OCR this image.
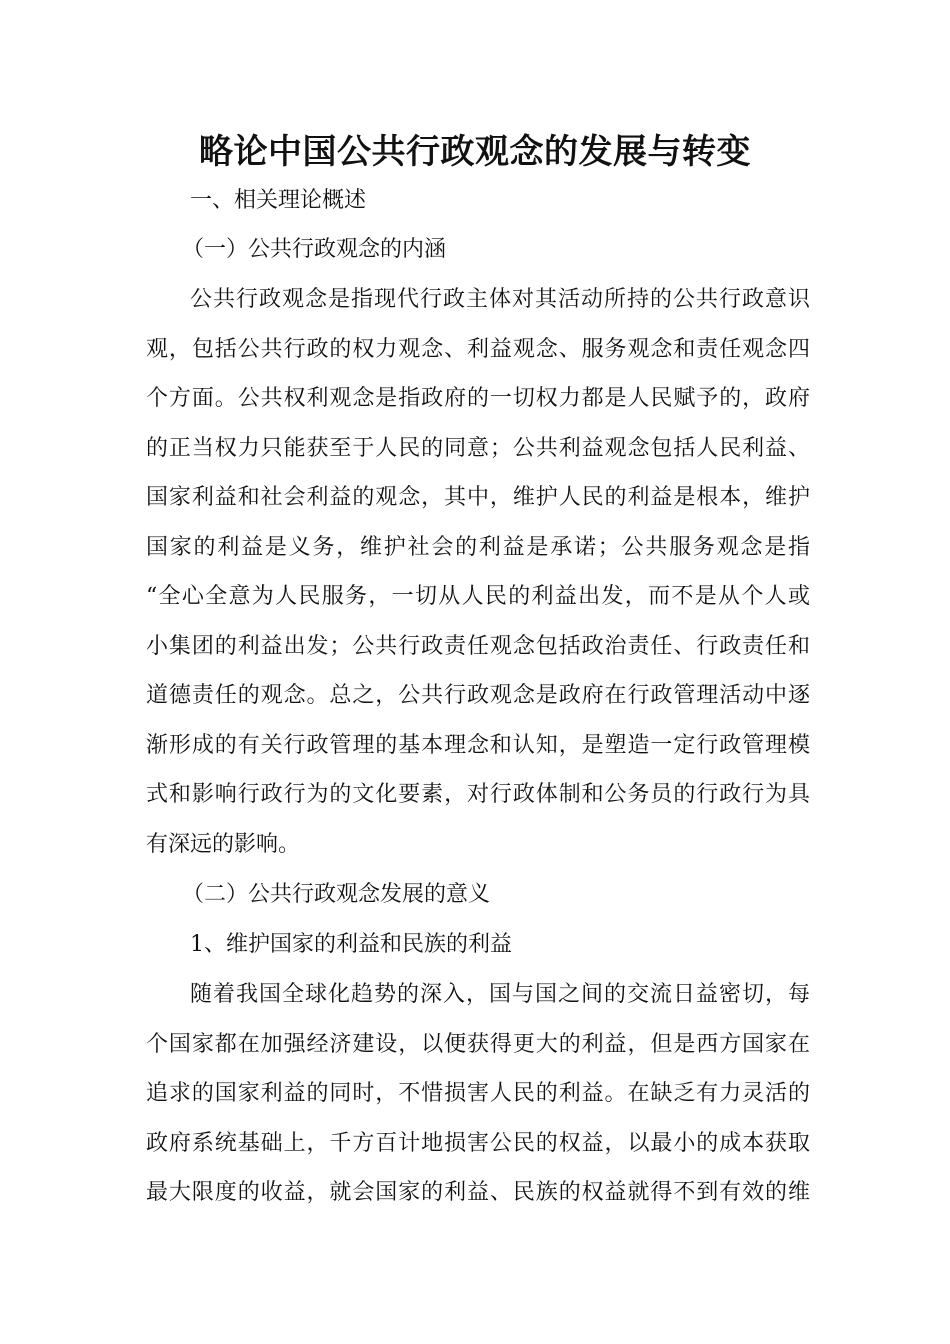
略论中国公共行政观念的发展与转变
一、相关理论概述
（一）公共行政观念的内涵
公共行政观念是指现代行政主体对其活动所持的公共行政意识
观，包括公共行政的权力观念、利益观念、服务观念和责任观念四
个方面。公共权利观念是指政府的一切权力都是人民赋予的，政府
的正当权力只能获至于人民的同意；公共利益观念包括人民利益、
国家利益和社会利益的观念，其中，维护人民的利益是根本，维护
国家的利益是义务，维护社会的利益是承诺；公共服务观念是指
“全心全意为人民服务，一切从人民的利益出发，而不是从个人或
小集团的利益出发；公共行政责任观念包括政治责任、行政责任和
道德责任的观念。总之，公共行政观念是政府在行政管理活动中逐
渐形成的有关行政管理的基本理念和认知，是塑造一定行政管理模
式和影响行政行为的文化要素，对行政体制和公务员的行政行为具
有深远的影响。
（二）公共行政观念发展的意义
1、维护国家的利益和民族的利益
随着我国全球化趋势的深入，国与国之间的交流日益密切，每
个国家都在加强经济建设，以便获得更大的利益，但是西方国家在
追求的国家利益的同时，不惜损害人民的利益。在缺乏有力灵活的
政府系统基础上，千方百计地损害公民的权益，以最小的成本获取
最大限度的收益，就会国家的利益、民族的权益就得不到有效的维
